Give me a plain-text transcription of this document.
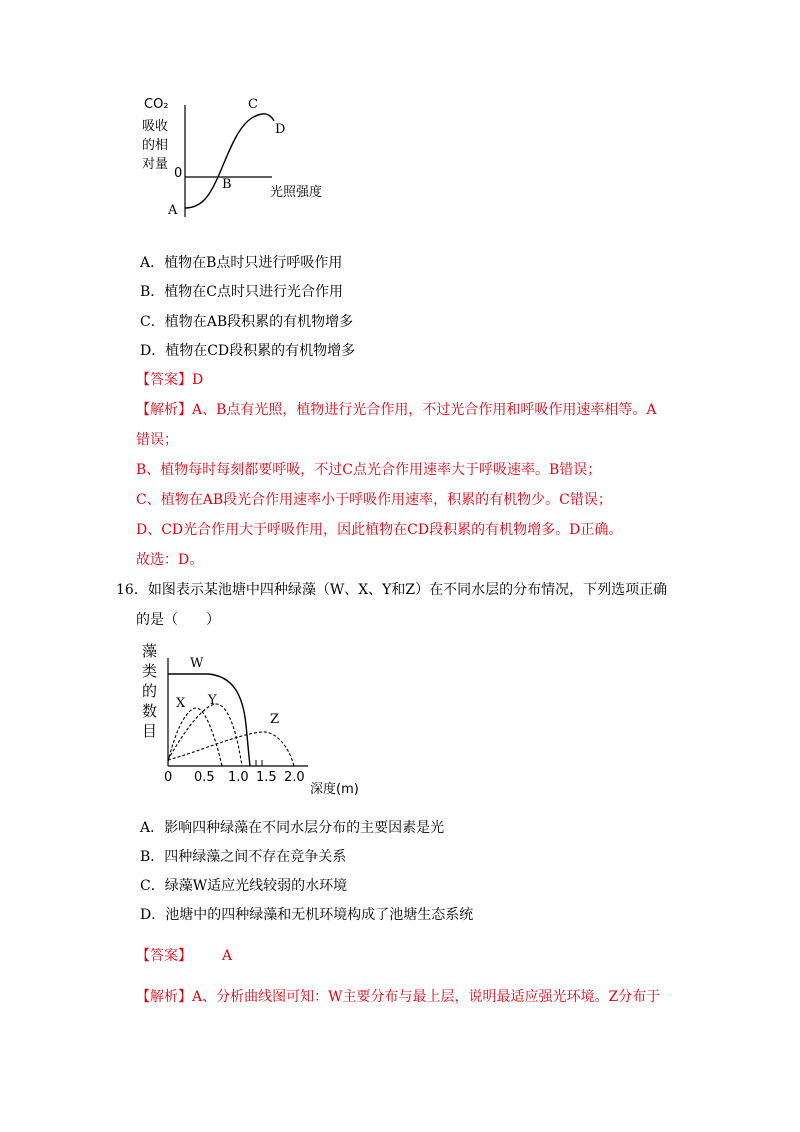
CO₂
吸收
的相
对量
0
光照强度
A
B
C
D
A．植物在B点时只进行呼吸作用
B．植物在C点时只进行光合作用
C．植物在AB段积累的有机物增多
D．植物在CD段积累的有机物增多
【答案】D
【解析】A、B点有光照，植物进行光合作用，不过光合作用和呼吸作用速率相等。A
错误；
B、植物每时每刻都要呼吸，不过C点光合作用速率大于呼吸速率。B错误；
C、植物在AB段光合作用速率小于呼吸作用速率，积累的有机物少。C错误；
D、CD光合作用大于呼吸作用，因此植物在CD段积累的有机物增多。D正确。
故选：D。
16．如图表示某池塘中四种绿藻（W、X、Y和Z）在不同水层的分布情况，下列选项正确
的是（　　）
藻
类
的
数
目
W
X Y
Z
0 0.5 1.0 1.5 2.0
深度(m)
A．影响四种绿藻在不同水层分布的主要因素是光
B．四种绿藻之间不存在竞争关系
C．绿藻W适应光线较弱的水环境
D．池塘中的四种绿藻和无机环境构成了池塘生态系统
【答案】 A
【解析】A、分析曲线图可知：W主要分布与最上层，说明最适应强光环境。Z分布于
